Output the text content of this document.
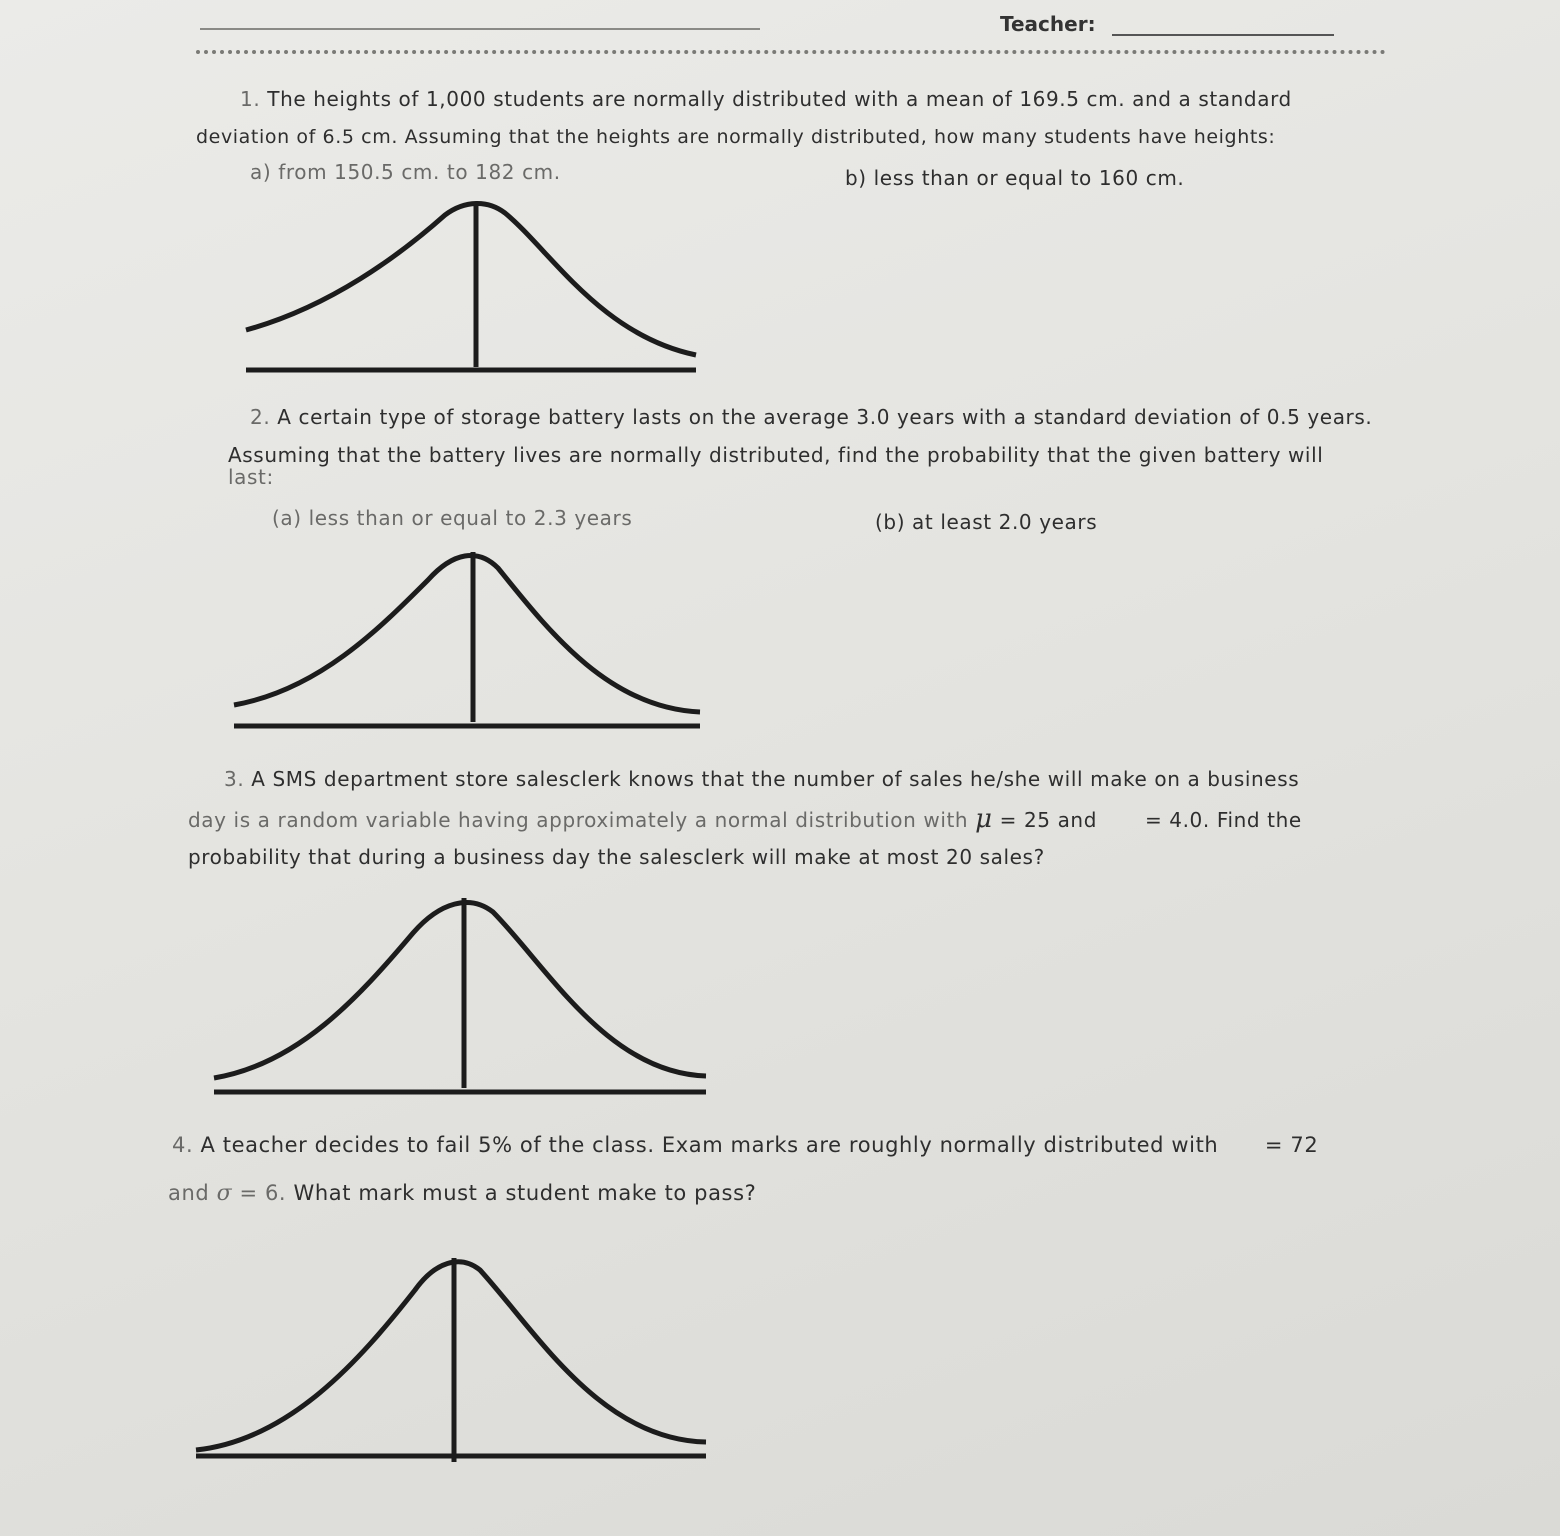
Teacher:

1. The heights of 1,000 students are normally distributed with a mean of 169.5 cm. and a standard

deviation of 6.5 cm. Assuming that the heights are normally distributed, how many students have heights:

a) from 150.5 cm. to 182 cm.	b) less than or equal to 160 cm.

2. A certain type of storage battery lasts on the average 3.0 years with a standard deviation of 0.5 years.

Assuming that the battery lives are normally distributed, find the probability that the given battery will

last:

(a) less than or equal to 2.3 years	(b) at least 2.0 years

3. A SMS department store salesclerk knows that the number of sales he/she will make on a business

day is a random variable having approximately a normal distribution with μ = 25 and = 4.0. Find the

probability that during a business day the salesclerk will make at most 20 sales?

4. A teacher decides to fail 5% of the class. Exam marks are roughly normally distributed with = 72

and σ = 6. What mark must a student make to pass?
